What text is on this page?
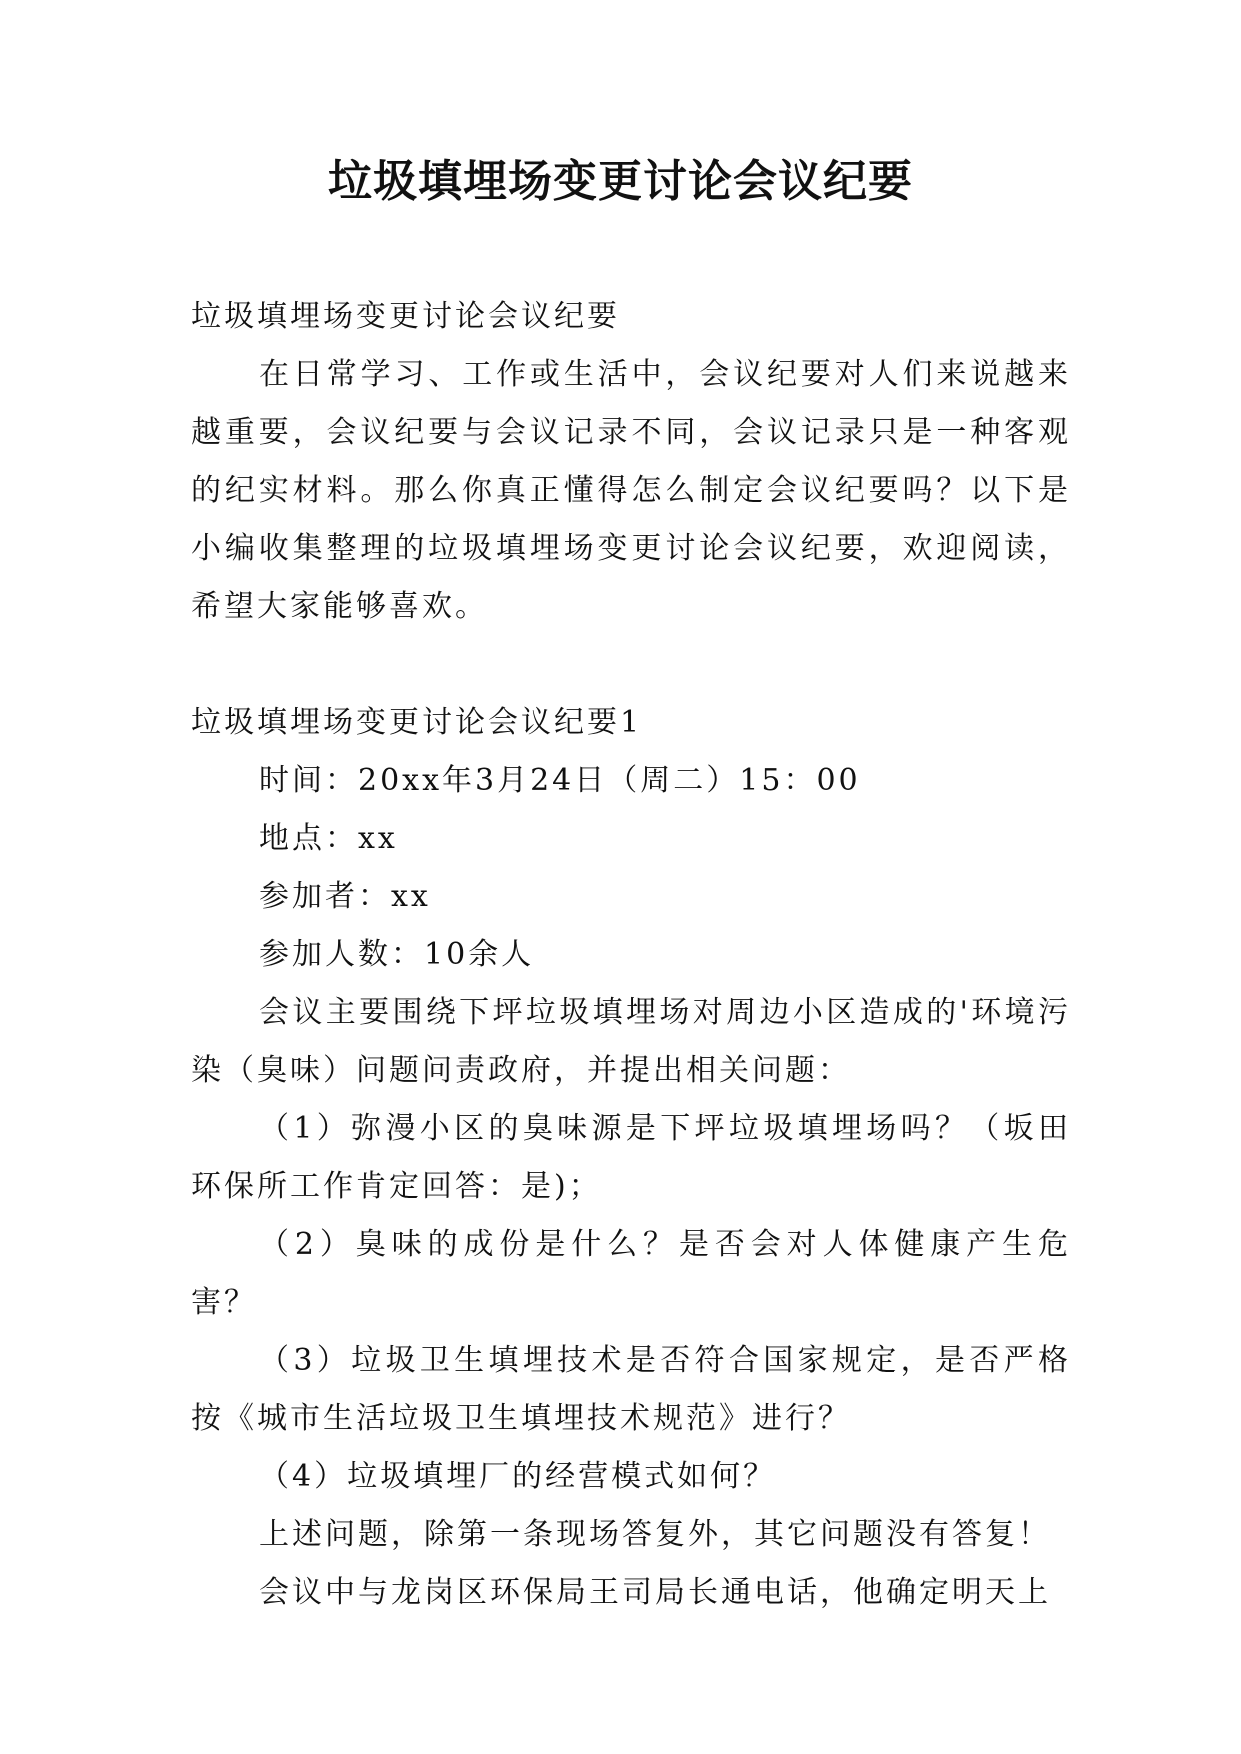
垃圾填埋场变更讨论会议纪要

垃圾填埋场变更讨论会议纪要

在日常学习、工作或生活中，会议纪要对人们来说越来越重要，会议纪要与会议记录不同，会议记录只是一种客观的纪实材料。那么你真正懂得怎么制定会议纪要吗？以下是小编收集整理的垃圾填埋场变更讨论会议纪要，欢迎阅读，希望大家能够喜欢。

垃圾填埋场变更讨论会议纪要1

时间：20xx年3月24日（周二）15：00

地点：xx

参加者：xx

参加人数：10余人

会议主要围绕下坪垃圾填埋场对周边小区造成的'环境污染（臭味）问题问责政府，并提出相关问题：

（1）弥漫小区的臭味源是下坪垃圾填埋场吗？（坂田环保所工作肯定回答：是)；

（2）臭味的成份是什么？是否会对人体健康产生危害？

（3）垃圾卫生填埋技术是否符合国家规定，是否严格按《城市生活垃圾卫生填埋技术规范》进行？

（4）垃圾填埋厂的经营模式如何？

上述问题，除第一条现场答复外，其它问题没有答复！

会议中与龙岗区环保局王司局长通电话，他确定明天上
